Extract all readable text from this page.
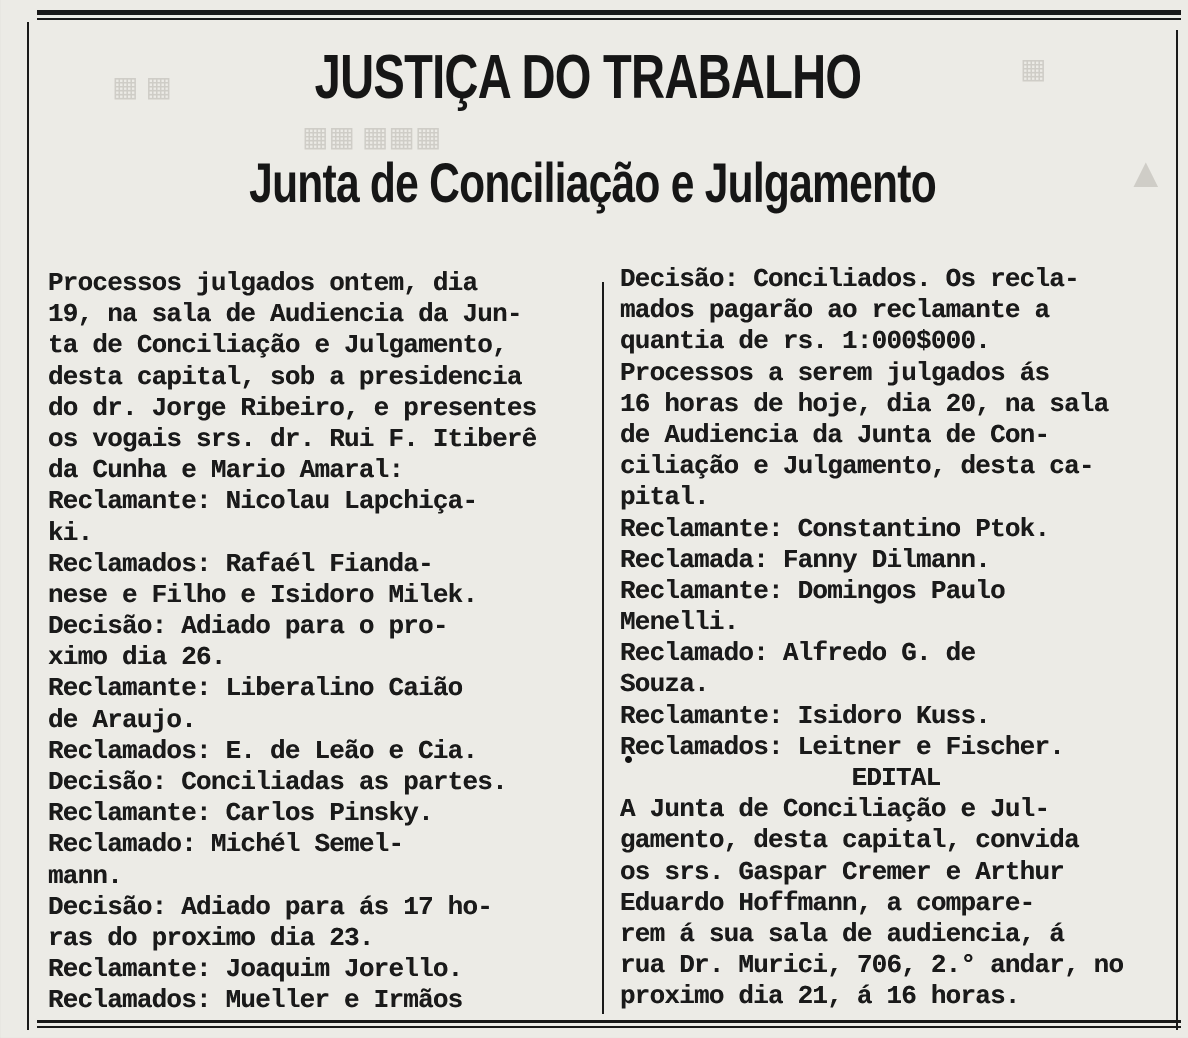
▦ ▦
▦▦ ▦▦▦
▦
▲
JUSTIÇA DO TRABALHO
Junta de Conciliação e Julgamento
Processos julgados ontem, dia
19, na sala de Audiencia da Jun-
ta de Conciliação e Julgamento,
desta capital, sob a presidencia
do dr. Jorge Ribeiro, e presentes
os vogais srs. dr. Rui F. Itiberê
da Cunha e Mario Amaral:
Reclamante: Nicolau Lapchiça-
ki.
Reclamados: Rafaél Fianda-
nese e Filho e Isidoro Milek.
Decisão: Adiado para o pro-
ximo dia 26.
Reclamante: Liberalino Caião
de Araujo.
Reclamados: E. de Leão e Cia.
Decisão: Conciliadas as partes.
Reclamante: Carlos Pinsky.
Reclamado: Michél Semel-
mann.
Decisão: Adiado para ás 17 ho-
ras do proximo dia 23.
Reclamante: Joaquim Jorello.
Reclamados: Mueller e Irmãos
Decisão: Conciliados. Os recla-
mados pagarão ao reclamante a
quantia de rs. 1:000$000.
Processos a serem julgados ás
16 horas de hoje, dia 20, na sala
de Audiencia da Junta de Con-
ciliação e Julgamento, desta ca-
pital.
Reclamante: Constantino Ptok.
Reclamada: Fanny Dilmann.
Reclamante: Domingos Paulo
Menelli.
Reclamado: Alfredo G. de
Souza.
Reclamante: Isidoro Kuss.
Reclamados: Leitner e Fischer.
EDITAL
A Junta de Conciliação e Jul-
gamento, desta capital, convida
os srs. Gaspar Cremer e Arthur
Eduardo Hoffmann, a compare-
rem á sua sala de audiencia, á
rua Dr. Murici, 706, 2.° andar, no
proximo dia 21, á 16 horas.
